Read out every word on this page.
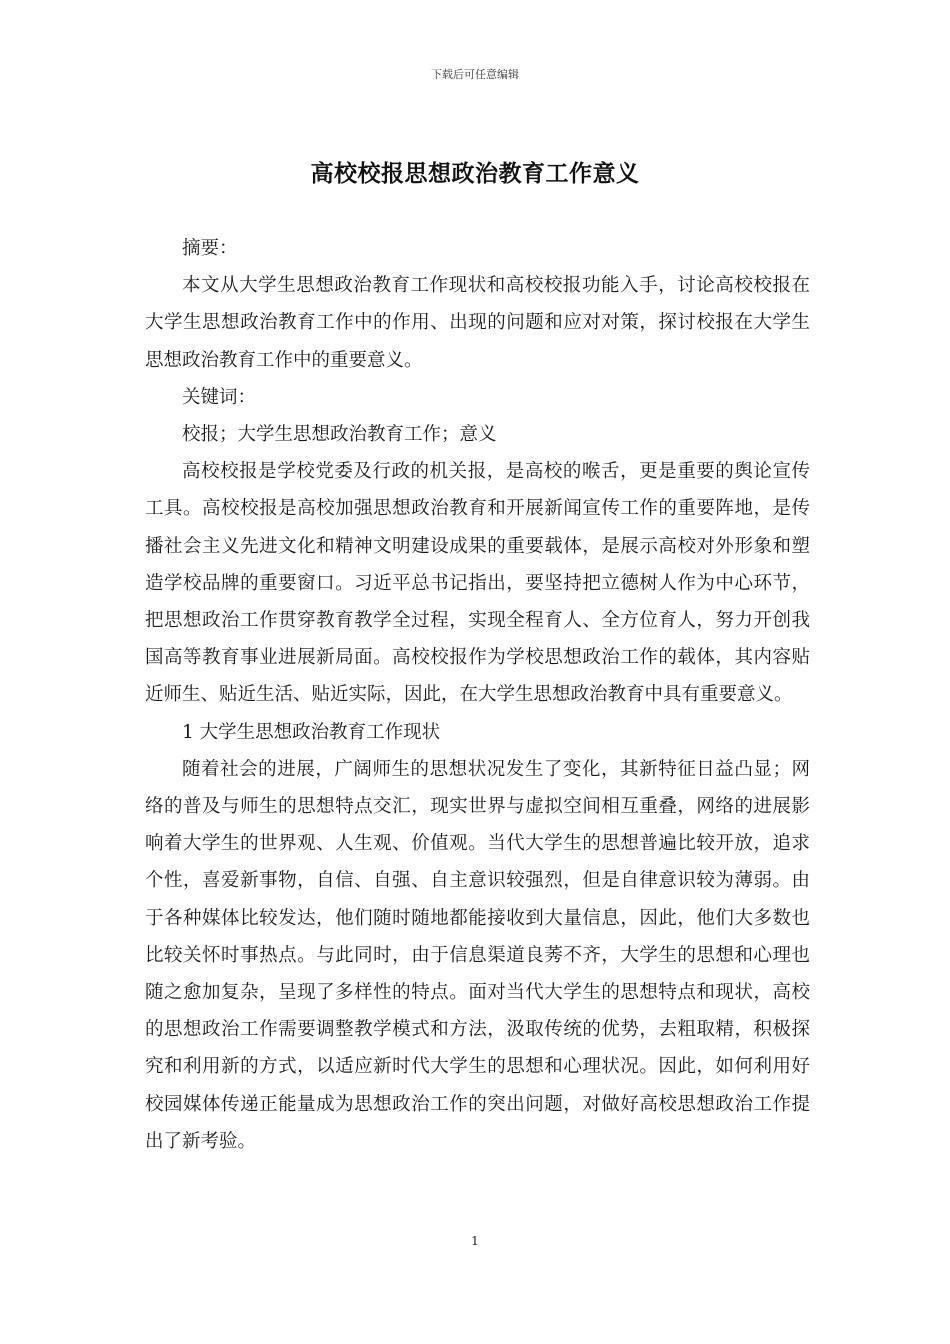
下载后可任意编辑
高校校报思想政治教育工作意义

摘要：

本文从大学生思想政治教育工作现状和高校校报功能入手，讨论高校校报在大学生思想政治教育工作中的作用、出现的问题和应对对策，探讨校报在大学生思想政治教育工作中的重要意义。

关键词：

校报；大学生思想政治教育工作；意义

高校校报是学校党委及行政的机关报，是高校的喉舌，更是重要的舆论宣传工具。高校校报是高校加强思想政治教育和开展新闻宣传工作的重要阵地，是传播社会主义先进文化和精神文明建设成果的重要载体，是展示高校对外形象和塑造学校品牌的重要窗口。习近平总书记指出，要坚持把立德树人作为中心环节，把思想政治工作贯穿教育教学全过程，实现全程育人、全方位育人，努力开创我国高等教育事业进展新局面。高校校报作为学校思想政治工作的载体，其内容贴近师生、贴近生活、贴近实际，因此，在大学生思想政治教育中具有重要意义。

1 大学生思想政治教育工作现状

随着社会的进展，广阔师生的思想状况发生了变化，其新特征日益凸显；网络的普及与师生的思想特点交汇，现实世界与虚拟空间相互重叠，网络的进展影响着大学生的世界观、人生观、价值观。当代大学生的思想普遍比较开放，追求个性，喜爱新事物，自信、自强、自主意识较强烈，但是自律意识较为薄弱。由于各种媒体比较发达，他们随时随地都能接收到大量信息，因此，他们大多数也比较关怀时事热点。与此同时，由于信息渠道良莠不齐，大学生的思想和心理也随之愈加复杂，呈现了多样性的特点。面对当代大学生的思想特点和现状，高校的思想政治工作需要调整教学模式和方法，汲取传统的优势，去粗取精，积极探究和利用新的方式，以适应新时代大学生的思想和心理状况。因此，如何利用好校园媒体传递正能量成为思想政治工作的突出问题，对做好高校思想政治工作提出了新考验。

1
